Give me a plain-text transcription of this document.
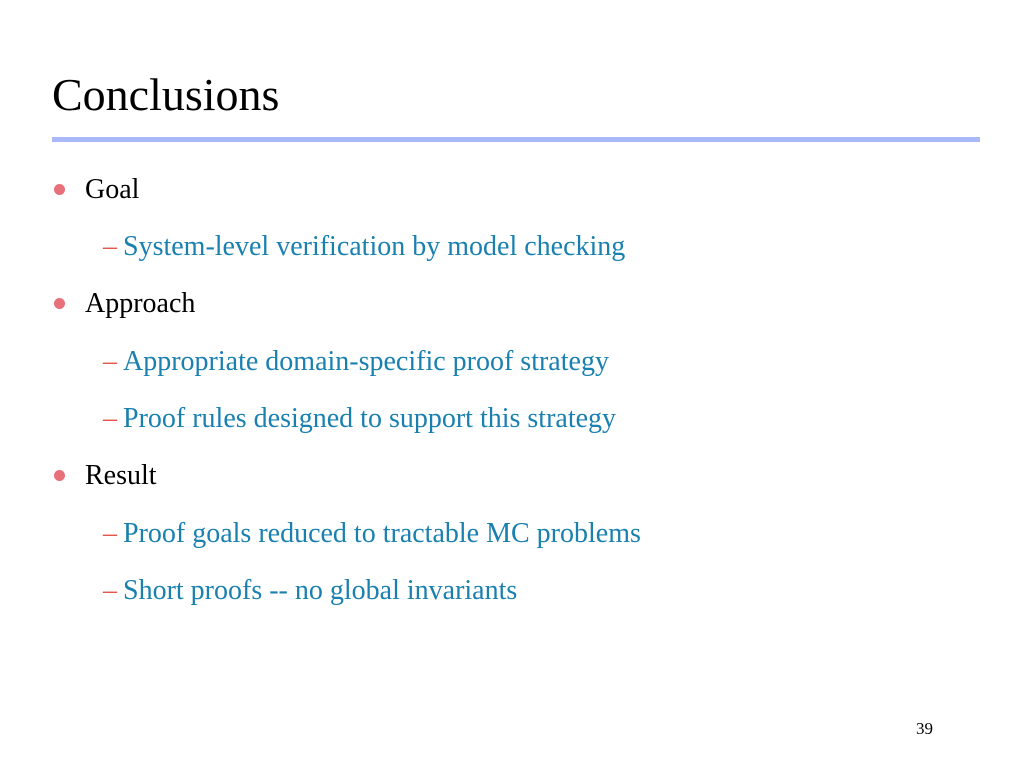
Conclusions
Goal
– System-level verification by model checking
Approach
– Appropriate domain-specific proof strategy
– Proof rules designed to support this strategy
Result
– Proof goals reduced to tractable MC problems
– Short proofs -- no global invariants
39
